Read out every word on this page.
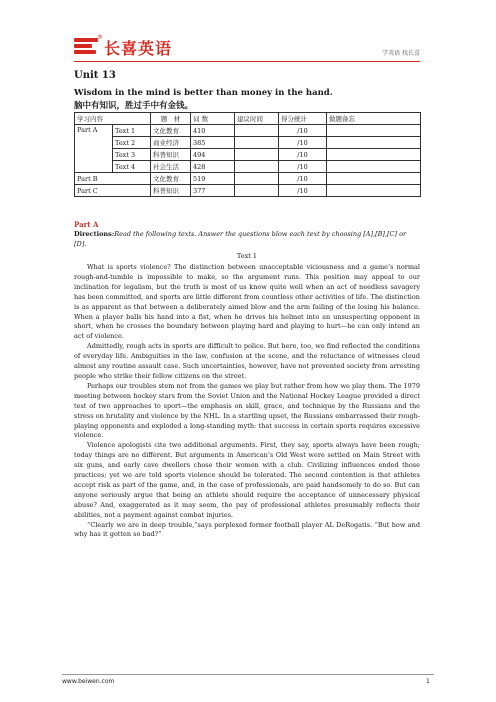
®
长喜英语	学英语 找长喜
Unit 13
Wisdom in the mind is better than money in the hand.
脑中有知识，胜过手中有金钱。
学习内容		题　材	词 数	建议时间	得分统计	做题备忘
Part A	Text 1	文化教育	410		/10	
	Text 2	商业经济	385		/10	
	Text 3	科普知识	494		/10	
	Text 4	社会生活	428		/10	
Part B		文化教育	519		/10	
Part C		科普知识	377		/10	
Part A
Directions:Read the following texts. Answer the questions blow each text by choosing [A],[B],[C] or [D].
Text 1

What is sports violence? The distinction between unacceptable viciousness and a game’s normal rough-and-tumble is impossible to make, so the argument runs. This position may appeal to our inclination for legalism, but the truth is most of us know quite well when an act of needless savagery has been committed, and sports are little different from countless other activities of life. The distinction is as apparent as that between a deliberately aimed blow and the arm failing of the losing his balance. When a player balls his hand into a fist, when he drives his helmet into an unsuspecting opponent in short, when he crosses the boundary between playing hard and playing to hurt—he can only intend an act of violence.

Admittedly, rough acts in sports are difficult to police. But here, too, we find reflected the conditions of everyday life. Ambiguities in the law, confusion at the scene, and the reluctance of witnesses cloud almost any routine assault case. Such uncertainties, however, have not prevented society from arresting people who strike their fellow citizens on the street.

Perhaps our troubles stem not from the games we play but rather from how we play them. The 1979 meeting between hockey stars from the Soviet Union and the National Hockey League provided a direct test of two approaches to sport—the emphasis on skill, grace, and technique by the Russians and the stress on brutality and violence by the NHL. In a startling upset, the Russians embarrassed their rough-playing opponents and exploded a long-standing myth: that success in certain sports requires excessive violence.

Violence apologists cite two additional arguments. First, they say, sports always have been rough; today things are no different. But arguments in American’s Old West were settled on Main Street with six guns, and early cave dwellers chose their women with a club. Civilizing influences ended those practices; yet we are told sports violence should be tolerated. The second contention is that athletes accept risk as part of the game, and, in the case of professionals, are paid handsomely to do so. But can anyone seriously argue that being an athlete should require the acceptance of unnecessary physical abuse? And, exaggerated as it may seem, the pay of professional athletes presumably reflects their abilities, not a payment against combat injuries.

“Clearly we are in deep trouble,”says perplexed former football player AL DeRogatis. “But how and why has it gotten so bad?”

www.beiwen.com	1
